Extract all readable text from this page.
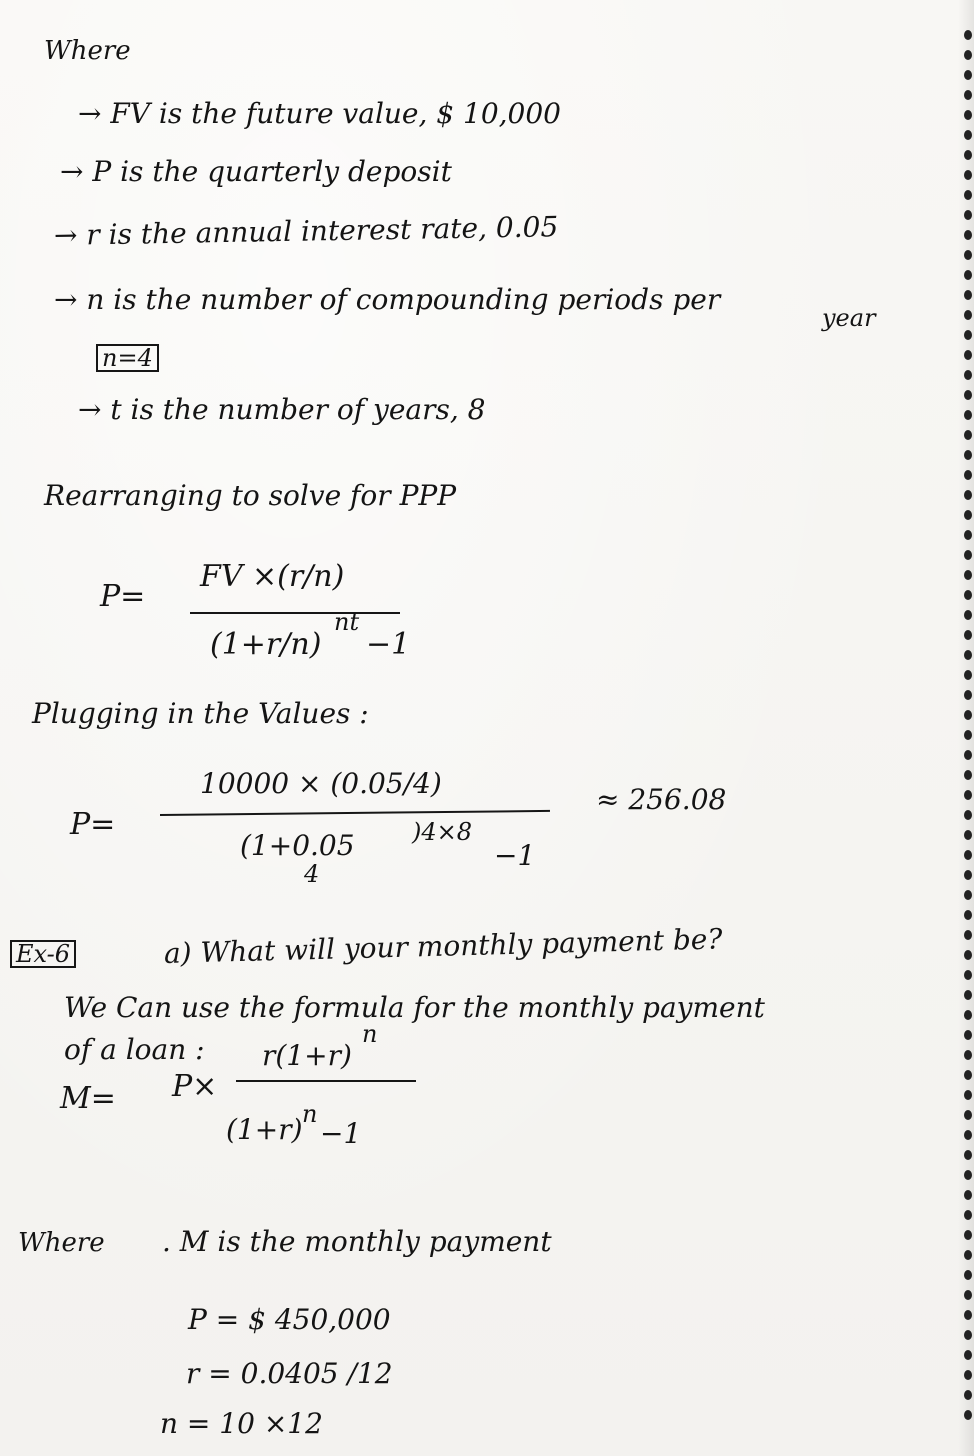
Where
→ FV is the future value, $ 10,000
→ P is the quarterly deposit
→ r is the annual interest rate, 0.05
→ n is the number of compounding periods per
year
n=4
→ t is the number of years, 8
Rearranging to solve for PPP
P=
FV ×(r/n)
(1+r/n)
nt
−1
Plugging in the Values :
P=
10000 × (0.05/4)
(1+0.05
4
)4×8
−1
≈ 256.08
Ex-6	a) What will your monthly payment be?
We Can use the formula for the monthly payment
of a loan :
M= P×
r(1+r)
n
(1+r) n
−1
Where . M is the monthly payment
P = $ 450,000
r = 0.0405 /12
n = 10 ×12
